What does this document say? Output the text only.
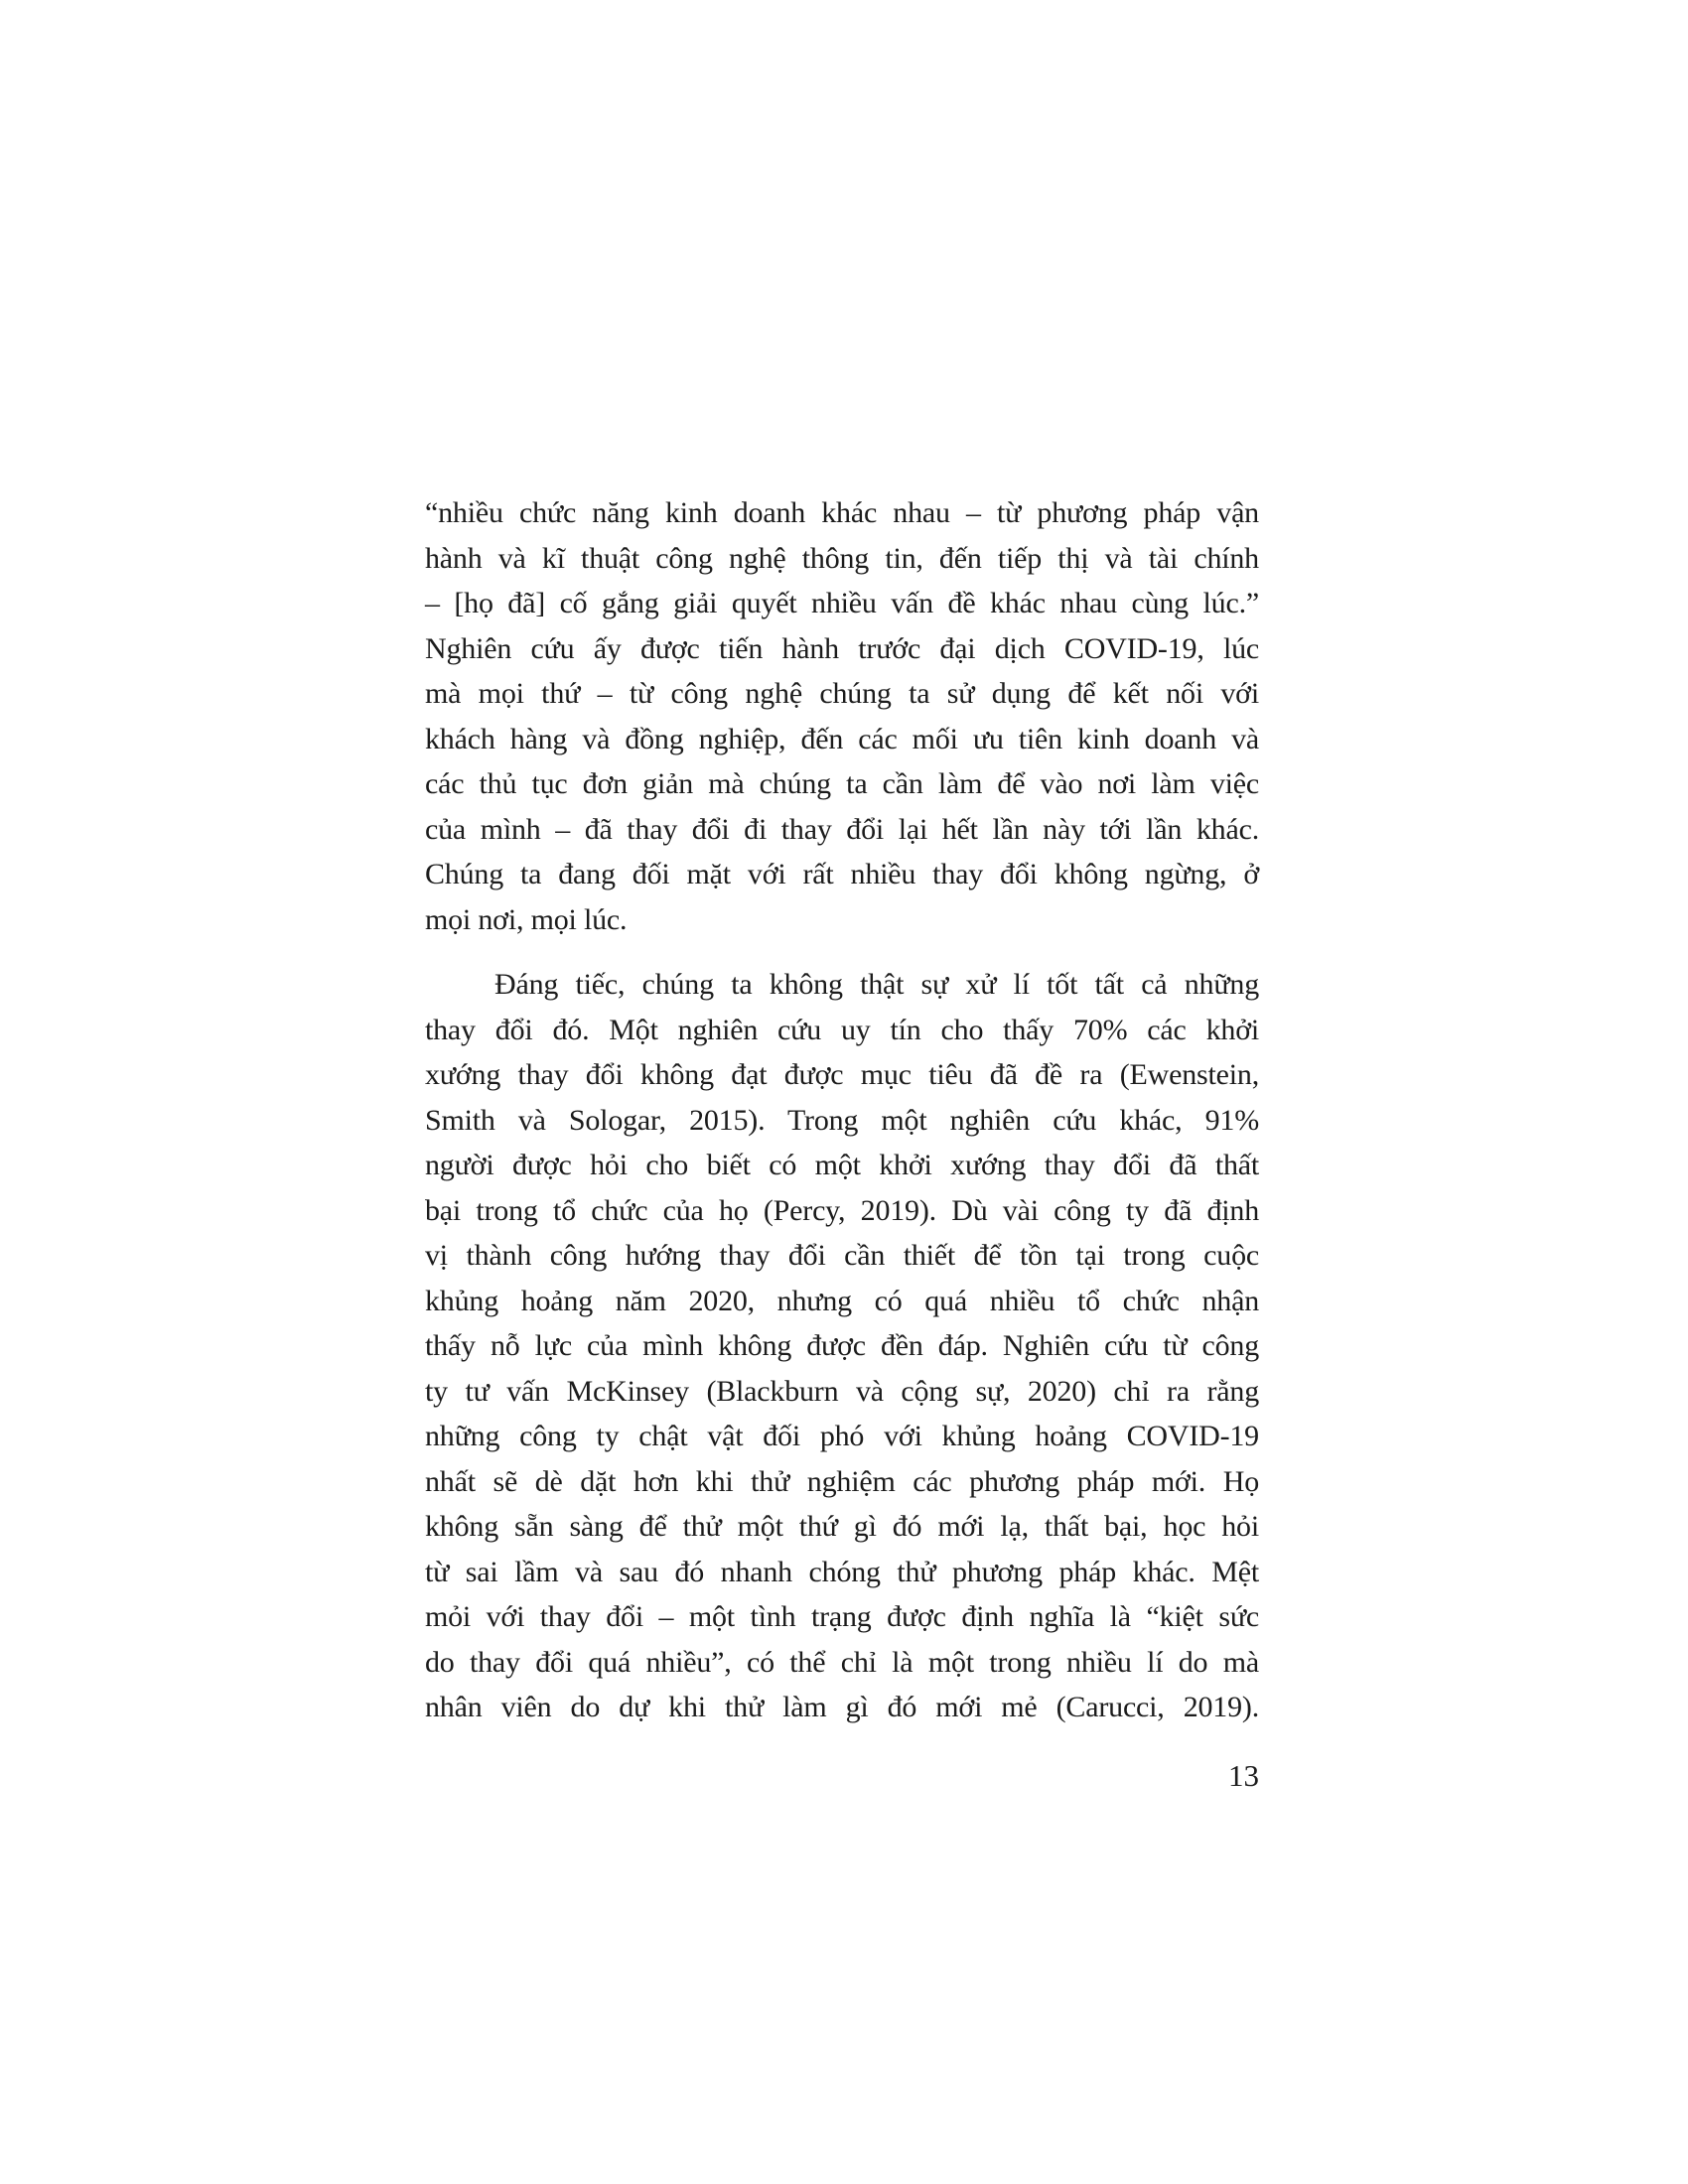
“nhiều chức năng kinh doanh khác nhau – từ phương pháp vận
hành và kĩ thuật công nghệ thông tin, đến tiếp thị và tài chính
– [họ đã] cố gắng giải quyết nhiều vấn đề khác nhau cùng lúc.”
Nghiên cứu ấy được tiến hành trước đại dịch COVID-19, lúc
mà mọi thứ – từ công nghệ chúng ta sử dụng để kết nối với
khách hàng và đồng nghiệp, đến các mối ưu tiên kinh doanh và
các thủ tục đơn giản mà chúng ta cần làm để vào nơi làm việc
của mình – đã thay đổi đi thay đổi lại hết lần này tới lần khác.
Chúng ta đang đối mặt với rất nhiều thay đổi không ngừng, ở
mọi nơi, mọi lúc.
Đáng tiếc, chúng ta không thật sự xử lí tốt tất cả những
thay đổi đó. Một nghiên cứu uy tín cho thấy 70% các khởi
xướng thay đổi không đạt được mục tiêu đã đề ra (Ewenstein,
Smith và Sologar, 2015). Trong một nghiên cứu khác, 91%
người được hỏi cho biết có một khởi xướng thay đổi đã thất
bại trong tổ chức của họ (Percy, 2019). Dù vài công ty đã định
vị thành công hướng thay đổi cần thiết để tồn tại trong cuộc
khủng hoảng năm 2020, nhưng có quá nhiều tổ chức nhận
thấy nỗ lực của mình không được đền đáp. Nghiên cứu từ công
ty tư vấn McKinsey (Blackburn và cộng sự, 2020) chỉ ra rằng
những công ty chật vật đối phó với khủng hoảng COVID-19
nhất sẽ dè dặt hơn khi thử nghiệm các phương pháp mới. Họ
không sẵn sàng để thử một thứ gì đó mới lạ, thất bại, học hỏi
từ sai lầm và sau đó nhanh chóng thử phương pháp khác. Mệt
mỏi với thay đổi – một tình trạng được định nghĩa là “kiệt sức
do thay đổi quá nhiều”, có thể chỉ là một trong nhiều lí do mà
nhân viên do dự khi thử làm gì đó mới mẻ (Carucci, 2019).
13
